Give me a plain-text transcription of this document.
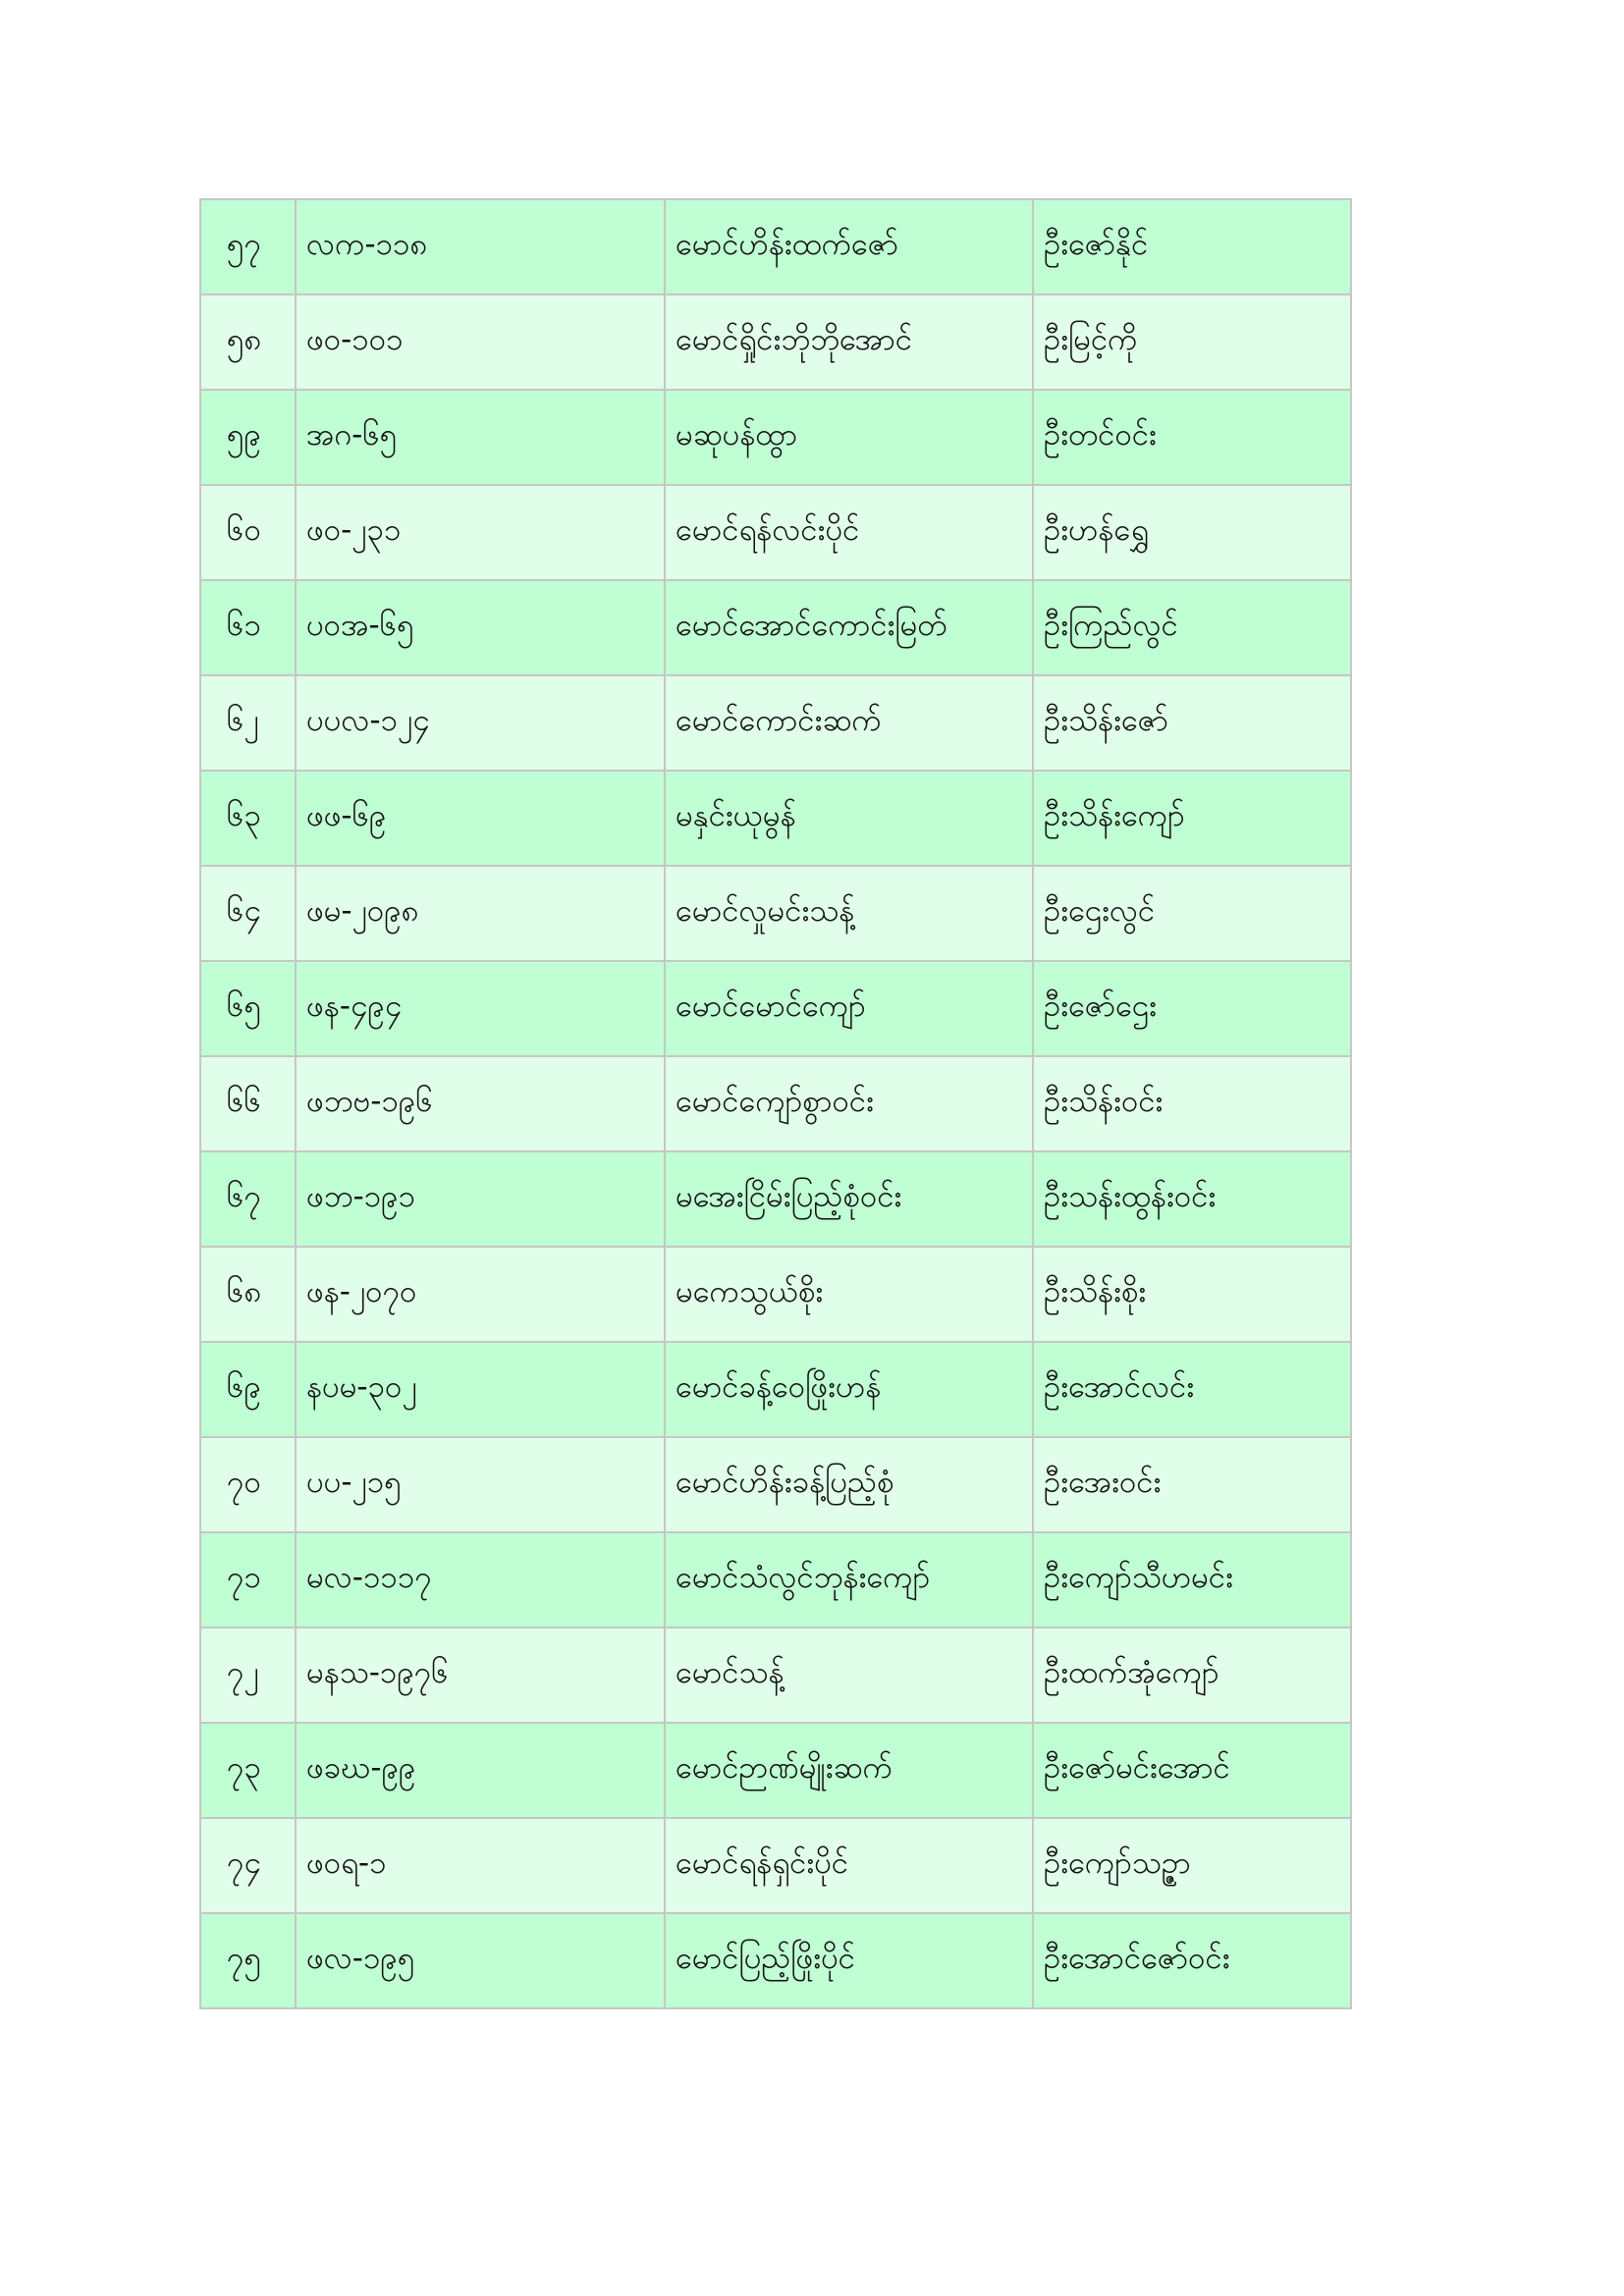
၅၇	လက-၁၁၈	မောင်ဟိန်းထက်ဇော်	ဦးဇော်နိုင်
၅၈	ဖဝ-၁၀၁	မောင်ရှိုင်းဘိုဘိုအောင်	ဦးမြင့်ကို
၅၉	အဂ-၆၅	မဆုပန်ထွာ	ဦးတင်ဝင်း
၆၀	ဖဝ-၂၃၁	မောင်ရန်လင်းပိုင်	ဦးဟန်ရွှေ
၆၁	ပဝအ-၆၅	မောင်အောင်ကောင်းမြတ်	ဦးကြည်လွင်
၆၂	ပပလ-၁၂၄	မောင်ကောင်းဆက်	ဦးသိန်းဇော်
၆၃	ဖဖ-၆၉	မနှင်းယုမွန်	ဦးသိန်းကျော်
၆၄	ဖမ-၂၀၉၈	မောင်လှုမင်းသန့်	ဦးဌေးလွင်
၆၅	ဖန-၄၉၄	မောင်မောင်ကျော်	ဦးဇော်ဌေး
၆၆	ဖဘဗ-၁၉၆	မောင်ကျော်စွာဝင်း	ဦးသိန်းဝင်း
၆၇	ဖဘ-၁၉၁	မအေးငြိမ်းပြည့်စုံဝင်း	ဦးသန်းထွန်းဝင်း
၆၈	ဖန-၂၀၇၀	မကေသွယ်စိုး	ဦးသိန်းစိုး
၆၉	နပမ-၃၀၂	မောင်ခန့်ဝေဖြိုးဟန်	ဦးအောင်လင်း
၇၀	ပပ-၂၁၅	မောင်ဟိန်းခန့်ပြည့်စုံ	ဦးအေးဝင်း
၇၁	မလ-၁၁၁၇	မောင်သံလွင်ဘုန်းကျော်	ဦးကျော်သီဟမင်း
၇၂	မနသ-၁၉၇၆	မောင်သန့်	ဦးထက်အုံကျော်
၇၃	ဖခဃ-၉၉	မောင်ဉာဏ်မျိုးဆက်	ဦးဇော်မင်းအောင်
၇၄	ဖဝရ-၁	မောင်ရန်ရှင်းပိုင်	ဦးကျော်သဉ္ဇာ
၇၅	ဖလ-၁၉၅	မောင်ပြည့်ဖြိုးပိုင်	ဦးအောင်ဇော်ဝင်း
